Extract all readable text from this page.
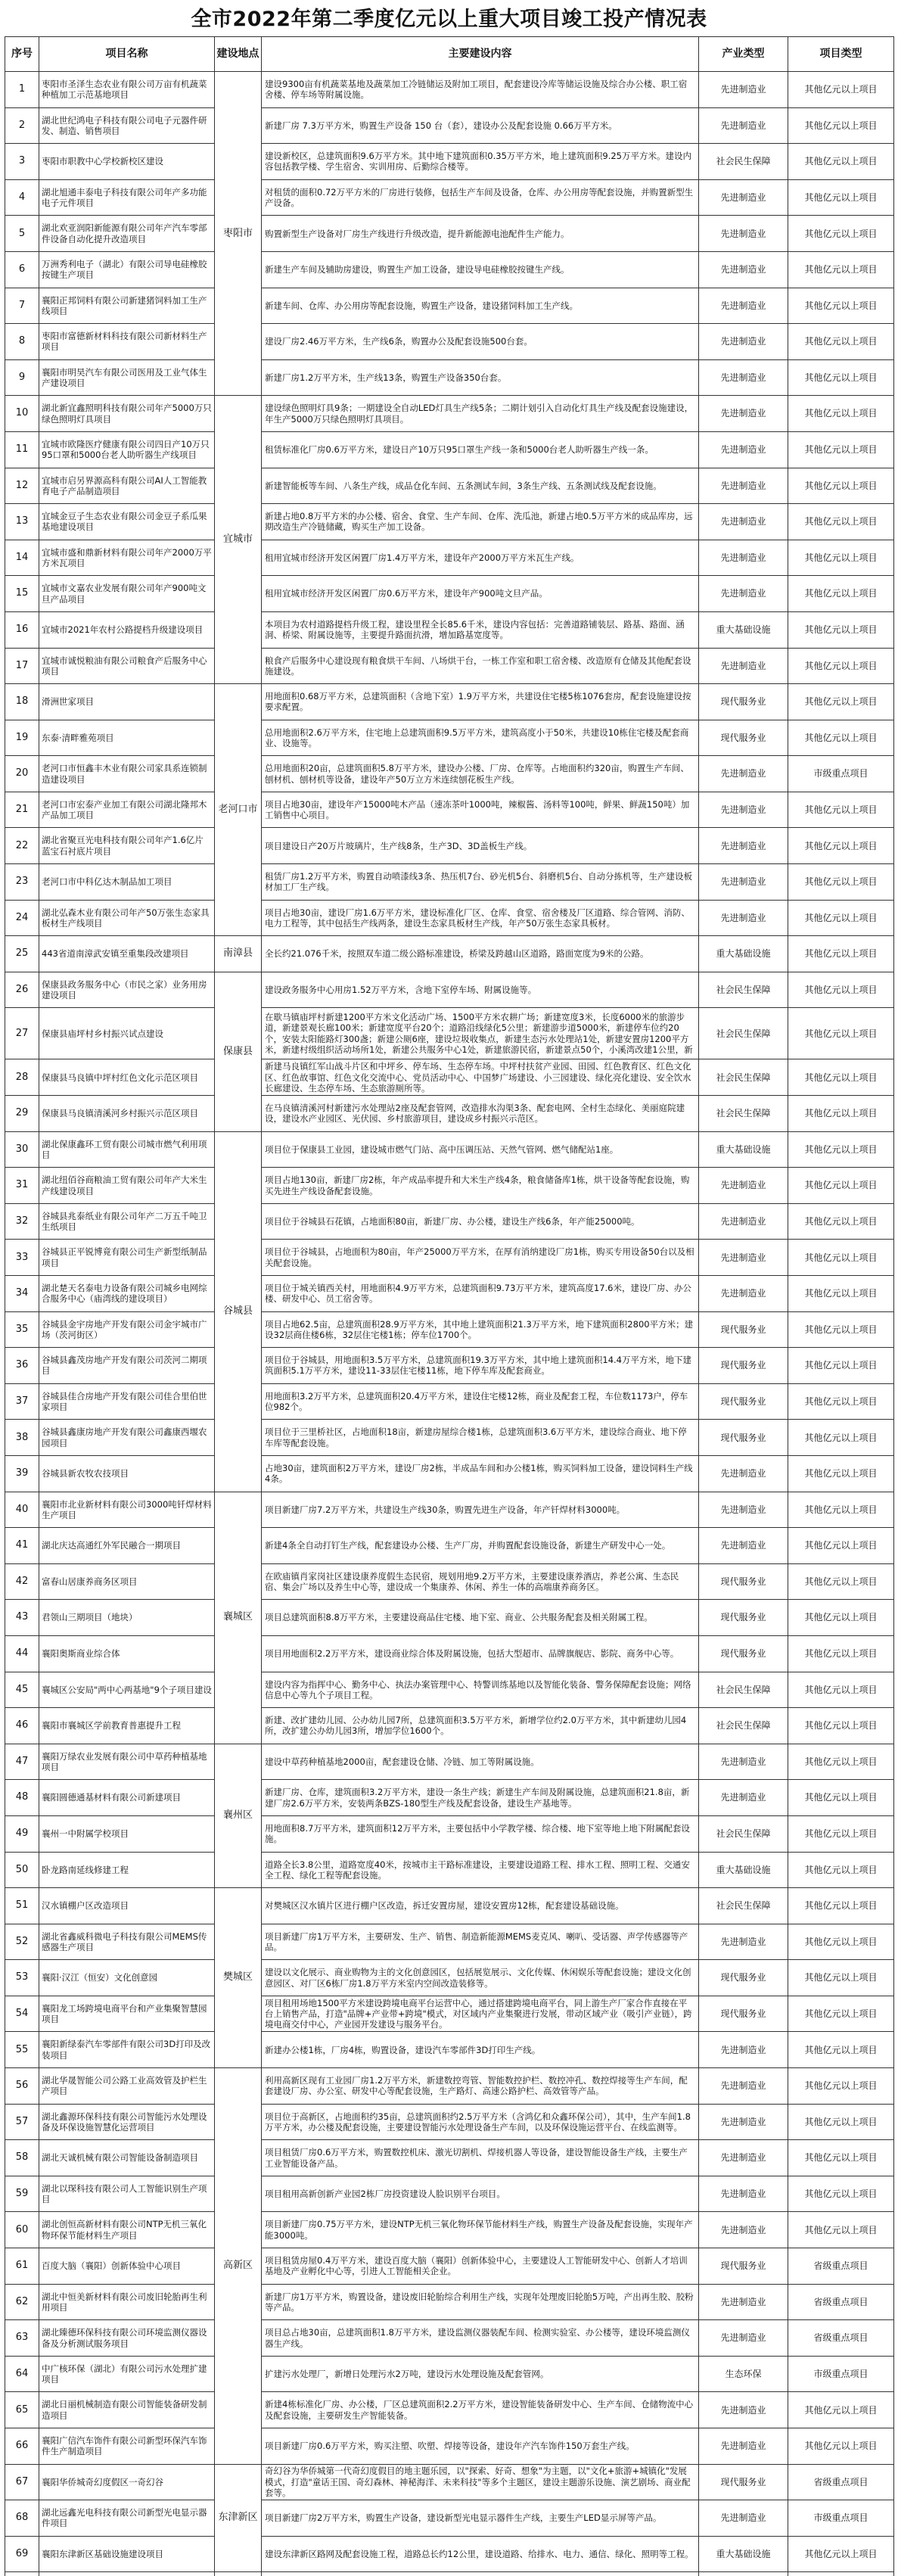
全市2022年第二季度亿元以上重大项目竣工投产情况表
序号	项目名称	建设地点	主要建设内容	产业类型	项目类型
1	枣阳市圣泽生态农业有限公司万亩有机蔬菜种植加工示范基地项目	枣阳市	建设9300亩有机蔬菜基地及蔬菜加工冷链储运及附加工项目，配套建设冷库等储运设施及综合办公楼、职工宿舍楼、停车场等附属设施。	先进制造业	其他亿元以上项目
2	湖北世纪鸿电子科技有限公司电子元器件研发、制造、销售项目		新建厂房 7.3万平方米，购置生产设备 150 台（套），建设办公及配套设施 0.66万平方米。	先进制造业	其他亿元以上项目
3	枣阳市职教中心学校新校区建设		建设新校区，总建筑面积9.6万平方米。其中地下建筑面积0.35万平方米，地上建筑面积9.25万平方米。建设内容包括教学楼、学生宿舍、实训用房、后勤综合楼等。	社会民生保障	其他亿元以上项目
4	湖北旭通丰泰电子科技有限公司年产多功能电子元件项目		对租赁的面积0.72万平方米的厂房进行装修，包括生产车间及设备，仓库、办公用房等配套设施，并购置新型生产设备。	先进制造业	其他亿元以上项目
5	湖北欢亚润阳新能源有限公司年产汽车零部件设备自动化提升改造项目		购置新型生产设备对厂房生产线进行升级改造，提升新能源电池配件生产能力。	先进制造业	其他亿元以上项目
6	万洲秀利电子（湖北）有限公司导电硅橡胶按键生产项目		新建生产车间及辅助房建设，购置生产加工设备，建设导电硅橡胶按键生产线。	先进制造业	其他亿元以上项目
7	襄阳正邦饲料有限公司新建猪饲料加工生产线项目		新建车间、仓库、办公用房等配套设施，购置生产设备，建设猪饲料加工生产线。	先进制造业	其他亿元以上项目
8	枣阳市富德新材料科技有限公司新材料生产项目		建设厂房2.46万平方米，生产线6条，购置办公及配套设施500台套。	先进制造业	其他亿元以上项目
9	襄阳市明昊汽车有限公司医用及工业气体生产建设项目		新建厂房1.2万平方米，生产线13条，购置生产设备350台套。	先进制造业	其他亿元以上项目
10	湖北新宜鑫照明科技有限公司年产5000万只绿色照明灯具项目	宜城市	建设绿色照明灯具9条；一期建设全自动LED灯具生产线5条；二期计划引入自动化灯具生产线及配套设施建设，年生产5000万只绿色照明灯具项目。	先进制造业	其他亿元以上项目
11	宜城市欧隆医疗健康有限公司四日产10万只95口罩和5000台老人助听器生产线项目		租赁标准化厂房0.6万平方米，建设日产10万只95口罩生产线一条和5000台老人助听器生产线一条。	先进制造业	其他亿元以上项目
12	宜城市启另界源高科有限公司AI人工智能教育电子产品制造项目		新建智能板等车间、八条生产线，成品仓化车间、五条测试车间，3条生产线、五条测试线及配套设施。	先进制造业	其他亿元以上项目
13	宜城金豆子生态农业有限公司金豆子系瓜果基地建设项目		新建占地0.8万平方米的办公楼、宿舍、食堂、生产车间、仓库、洗瓜池，新建占地0.5万平方米的成品库房，远期改造生产冷链储藏，购买生产加工设备。	先进制造业	其他亿元以上项目
14	宜城市盛和鼎新材料有限公司年产2000万平方米瓦项目		租用宜城市经济开发区闲置厂房1.4万平方米，建设年产2000万平方米瓦生产线。	先进制造业	其他亿元以上项目
15	宜城市文嘉农业发展有限公司年产900吨文旦产品项目		租用宜城市经济开发区闲置厂房0.6万平方米，建设年产900吨文旦产品。	先进制造业	其他亿元以上项目
16	宜城市2021年农村公路提档升级建设项目		本项目为农村道路提档升级工程，建设里程全长85.6千米，建设内容包括：完善道路铺装层、路基、路面、涵洞、桥梁、附属设施等，主要提升路面抗滑，增加路基宽度等。	重大基础设施	其他亿元以上项目
17	宜城市诚悦粮油有限公司粮食产后服务中心项目		粮食产后服务中心建设现有粮食烘干车间、八场烘干台，一栋工作室和职工宿舍楼、改造原有仓储及其他配套设施建设。	先进制造业	其他亿元以上项目
18	滑洲世家项目	老河口市	用地面积0.68万平方米，总建筑面积（含地下室）1.9万平方米，共建设住宅楼5栋1076套房，配套设施建设按要求配置。	现代服务业	其他亿元以上项目
19	东泰·清畔雅苑项目		总用地面积2.6万平方米，住宅地上总建筑面积9.5万平方米，建筑高度小于50米，共建设10栋住宅楼及配套商业、设施等。	现代服务业	其他亿元以上项目
20	老河口市恒鑫丰木业有限公司家具系连锁制造建设项目		总用地面积20亩，总建筑面积5.8万平方米，建设办公楼、厂房、仓库等。占地面积约320亩，购置生产车间、刨材机、刨材机等设备，建设年产50万立方米连续刨花板生产线。	先进制造业	市级重点项目
21	老河口市宏泰产业加工有限公司湖北隆邦木产品加工项目		项目占地30亩，建设年产15000吨木产品（速冻茶叶1000吨，辣椒酱、汤料等100吨，鲜果、鲜蔬150吨）加工销售中心项目。	先进制造业	其他亿元以上项目
22	湖北省聚亘光电科技有限公司年产1.6亿片蓝宝石衬底片项目		项目建设日产20万片玻璃片，生产线8条，生产3D、3D盖板生产线。	先进制造业	其他亿元以上项目
23	老河口市中科亿达木制品加工项目		租赁厂房1.2万平方米，购置自动喷漆线3条、热压机7台、砂光机5台、斜磨机5台、自动分拣机等，生产建设板材加工厂生产线。	先进制造业	其他亿元以上项目
24	湖北弘森木业有限公司年产50万张生态家具板材生产线项目		项目占地30亩，建设厂房1.6万平方米，建设标准化厂区、仓库、食堂、宿舍楼及厂区道路、综合管网、消防、电力工程等，其中包括生产线两条，建设生态家具板材生产线，年产50万张生态家具板材。	先进制造业	其他亿元以上项目
25	443省道南漳武安镇至重集段改建项目	南漳县	全长约21.076千米，按照双车道二级公路标准建设，桥梁及跨越山区道路，路面宽度为9米的公路。	重大基础设施	其他亿元以上项目
26	保康县政务服务中心（市民之家）业务用房建设项目	保康县	建设政务服务中心用房1.52万平方米，含地下室停车场、附属设施等。	社会民生保障	其他亿元以上项目
27	保康县庙坪村乡村振兴试点建设		在歇马镇庙坪村新建1200平方米文化活动广场、1500平方米农耕广场；新建宽度3米，长度6000米的旅游步道，新建景观长廊100米；新建宽度平台20个；道路沿线绿化5公里；新建游步道5000米，新建停车位约20个，安装太阳能路灯300盏；新建公厕6座，建设垃圾收集点，新建生态污水处理站1处，新建安置房1200平方米，新建村级组织活动场所1处，新建公共服务中心1处，新建旅游民宿，新建景点50个，小溪湾改建1公里，新	社会民生保障	其他亿元以上项目
28	保康县马良镇中坪村红色文化示范区项目		新建马良镇红军山战斗片区和中坪乡、停车场、生态停车场。中坪村扶贫产业园、田园、红色教育区、红色文化区、红色故事馆、红色文化交流中心、党员活动中心、中国梦广场建设、小三园建设、绿化亮化建设、安全饮水长廊建设、生态停车场、生态旅游厕所等。	社会民生保障	其他亿元以上项目
29	保康县马良镇清溪河乡村振兴示范区项目		在马良镇清溪河村新建污水处理站2座及配套管网，改造排水沟渠3条、配套电网、全村生态绿化、美丽庭院建设，建设水产业园区、光伏园、乡村旅游项目，建设成乡村振兴示范区。	社会民生保障	其他亿元以上项目
30	湖北保康鑫环工贸有限公司城市燃气利用项目	谷城县	项目位于保康县工业园，建设城市燃气门站、高中压调压站、天然气管网、燃气储配站1座。	重大基础设施	其他亿元以上项目
31	湖北纽佰谷商粮油工贸有限公司年产大米生产线建设项目		项目占地130亩，新建厂房2栋，年产成品率提升和大米生产线4条，粮食储备库1栋，烘干设备等配套设施，购买先进生产线设备配套设施。	先进制造业	其他亿元以上项目
32	谷城县兆泰纸业有限公司年产二万五千吨卫生纸项目		项目位于谷城县石花镇，占地面积80亩，新建厂房、办公楼，建设生产线6条，年产能25000吨。	先进制造业	其他亿元以上项目
33	谷城县正平锐博竟有限公司生产新型纸制品项目		项目位于谷城县，占地面积为80亩，年产25000万平方米，在厚有消纳建设厂房1栋，购买专用设备50台以及相关配套设施。	先进制造业	其他亿元以上项目
34	湖北楚天名泰电力设备有限公司城乡电网综合服务中心（庙湾线的建设项目）		项目位于城关镇西关村，用地面积4.9万平方米，总建筑面积9.73万平方米，建筑高度17.6米，建设厂房、办公楼、研发中心、员工宿舍等。	先进制造业	其他亿元以上项目
35	谷城县金宇房地产开发有限公司金宇城市广场（茨河街区）		项目占地62.5亩，总建筑面积28.9万平方米，其中地上建筑面积21.3万平方米，地下建筑面积2800平方米；建设32层商住楼6栋，32层住宅楼1栋；停车位1700个。	现代服务业	其他亿元以上项目
36	谷城县鑫茂房地产开发有限公司茨河二期项目		项目位于谷城县，用地面积3.5万平方米，总建筑面积19.3万平方米，其中地上建筑面积14.4万平方米，地下建筑面积5.1万平方米，建设11-33层住宅楼11栋，地下停车库及配套商业。	现代服务业	其他亿元以上项目
37	谷城县佳合房地产开发有限公司佳合里伯世家项目		用地面积3.2万平方米，总建筑面积20.4万平方米，建设住宅楼12栋，商业及配套工程，车位数1173户，停车位982个。	现代服务业	其他亿元以上项目
38	谷城县鑫康房地产开发有限公司鑫康西堰农园项目		项目位于三里桥社区，占地面积18亩，新建房屋综合楼1栋，总建筑面积3.6万平方米，建设综合商业、地下停车库等配套设施。	现代服务业	其他亿元以上项目
39	谷城县新农牧农技项目		占地30亩，建筑面积2万平方米，建设厂房2栋，半成品车间和办公楼1栋，购买饲料加工设备，建设饲料生产线4条。	先进制造业	其他亿元以上项目
40	襄阳市北业新材料有限公司3000吨钎焊材料生产项目	襄城区	项目新建厂房7.2万平方米，共建设生产线30条，购置先进生产设备，年产钎焊材料3000吨。	先进制造业	其他亿元以上项目
41	湖北庆达高通红外军民融合一期项目		新建4条全自动打钉生产线，配套建设办公楼、生产厂房，并购置配套设施设备，新建生产研发中心一处。	先进制造业	其他亿元以上项目
42	富春山居康养商务区项目		在欧庙镇肖家岗社区建设康养度假生态民宿，规划用地9.2万平方米，主要建设康养酒店，养老公寓、生态民宿、集会广场以及养生中心等，建设成一个集康养、休闲、养生一体的高端康养商务区。	现代服务业	其他亿元以上项目
43	君领山三期项目（地块）		项目总建筑面积8.8万平方米，主要建设商品住宅楼、地下室、商业、公共服务配套及相关附属工程。	现代服务业	其他亿元以上项目
44	襄阳奥斯商业综合体		项目用地面积2.2万平方米，建设商业综合体及附属设施，包括大型超市、品牌旗舰店、影院、商务中心等。	现代服务业	其他亿元以上项目
45	襄城区公安局"两中心两基地"9个子项目建设		建设内容为指挥中心、勤务中心、执法办案管理中心、特警训练基地以及智能化装备、警务保障配套设施；网络信息中心等九个子项目工程。	社会民生保障	其他亿元以上项目
46	襄阳市襄城区学前教育普惠提升工程		新建、改扩建幼儿园、公办幼儿园7所，总建筑面积3.5万平方米，新增学位约2.0万平方米，其中新建幼儿园4所，改扩建公办幼儿园3所，增加学位1600个。	社会民生保障	其他亿元以上项目
47	襄阳万绿农业发展有限公司中草药种植基地项目	襄州区	建设中草药种植基地2000亩，配套建设仓储、冷链、加工等附属设施。	先进制造业	其他亿元以上项目
48	襄阳圆德通基材料有限公司新建项目		新建厂房、仓库，建筑面积3.2万平方米，建设一条生产线；新建生产车间及附属设施，总建筑面积21.8亩，新建厂房2.6万平方米，安装两条BZS-180型生产线及配套设备，建设生产基地等。	先进制造业	其他亿元以上项目
49	襄州一中附属学校项目		用地面积8.7万平方米，建筑面积12万平方米，主要包括中小学教学楼、综合楼、地下室等地上地下附属配套设施。	社会民生保障	其他亿元以上项目
50	卧龙路南延线修建工程		道路全长3.8公里，道路宽度40米，按城市主干路标准建设，主要建设道路工程、排水工程、照明工程、交通安全工程、绿化工程等配套设施。	重大基础设施	其他亿元以上项目
51	汉水镇棚户区改造项目	樊城区	对樊城区汉水镇片区进行棚户区改造，拆迁安置房屋，建设安置房12栋，配套建设基础设施。	社会民生保障	其他亿元以上项目
52	湖北省鑫威科微电子科技有限公司MEMS传感器生产项目		项目新建厂房1万平方米，主要研发、生产、销售、制造新能源MEMS麦克风、喇叭、受话器、声学传感器等产品。	先进制造业	其他亿元以上项目
53	襄阳·汉江（恒安）文化创意园		建设以文化展示、商业购物为主的文化创意园区，包括展览展示、文化传媒、休闲娱乐等配套设施；建设文化创意园区、对厂区6栋厂房1.8万平方米室内空间改造装修等。	现代服务业	其他亿元以上项目
54	襄阳龙工场跨境电商平台和产业集聚智慧园项目		项目租用场地1500平方米建设跨境电商平台运营中心，通过搭建跨境电商平台，同上游生产厂家合作直接在平台上销售产品，打造"品牌+产业带+跨境"模式，对区域内产业集聚进行发展，带动区域产业（吸引产业链），跨境电商交付中心，产业园开发建设与服务平台。	现代服务业	其他亿元以上项目
55	襄阳新绿泰汽车零部件有限公司3D打印及改装项目		新建办公楼1栋，厂房4栋，购置设备，建设汽车零部件3D打印生产线。	先进制造业	其他亿元以上项目
56	湖北华晟智能公司公路工业高效管及护栏生产项目	高新区	利用高新区现有工业园厂房1.2万平方米，新建数控弯管、智能数控护栏、数控冲孔、数控焊接等生产车间，配套建设厂房、办公室、研发中心等配套设施，生产路灯、高速公路护栏、高效管等产品。	先进制造业	其他亿元以上项目
57	湖北鑫源环保科技有限公司智能污水处理设备及环保设施智慧化运营项目		项目位于高新区，占地面积约35亩，总建筑面积约2.5万平方米（含鸿亿和众鑫环保公司），其中，生产车间1.8万平方米，办公楼及配套设施，主要建设智能污水处理设备生产车间，以及环保设施运营平台、在线监测等。	先进制造业	其他亿元以上项目
58	湖北天诚机械有限公司智能设备制造项目		项目租赁厂房0.6万平方米，购置数控机床、激光切割机、焊接机器人等设备，建设智能设备生产线，主要生产工业智能设备产品。	先进制造业	其他亿元以上项目
59	湖北以琛科技有限公司人工智能识别生产项目		项目租用高新创新产业园2栋厂房投资建设人脸识别平台项目。	先进制造业	其他亿元以上项目
60	湖北创恒高新材料有限公司NTP无机三氧化物环保节能材料生产项目		项目新建厂房0.75万平方米，建设NTP无机三氧化物环保节能材料生产线，购置生产设备及配套设施，实现年产能3000吨。	先进制造业	其他亿元以上项目
61	百度大脑（襄阳）创新体验中心项目		项目租赁房屋0.4万平方米，建设百度大脑（襄阳）创新体验中心，主要建设人工智能研发中心、创新人才培训基地及产业孵化中心等，引进人工智能相关企业。	现代服务业	省级重点项目
62	湖北中恒美新材料有限公司废旧轮胎再生利用项目		新建厂房1万平方米，购置设备，建设废旧轮胎综合利用生产线，实现年处理废旧轮胎5万吨，产出再生胶、胶粉等产品。	先进制造业	省级重点项目
63	湖北臻德环保科技有限公司环境监测仪器设备及分析测试服务项目		项目总占地30亩，总建筑面积1.8万平方米，建设监测仪器装配车间、检测实验室、办公楼等，建设环境监测仪器生产线。	先进制造业	省级重点项目
64	中广核环保（湖北）有限公司污水处理扩建项目		扩建污水处理厂，新增日处理污水2万吨，建设污水处理设施及配套管网。	生态环保	市级重点项目
65	湖北日丽机械制造有限公司智能装备研发制造项目		新建4栋标准化厂房、办公楼，厂区总建筑面积2.2万平方米，建设智能装备研发中心、生产车间、仓储物流中心及配套设施，主要研发生产智能装备。	先进制造业	其他亿元以上项目
66	襄阳广信汽车饰件有限公司新型环保汽车饰件生产制造项目		项目新建厂房0.6万平方米，购买注塑、吹塑、焊接等设备，建设年产汽车饰件150万套生产线。	先进制造业	其他亿元以上项目
67	襄阳华侨城奇幻度假区一奇幻谷	东津新区	奇幻谷为华侨城第一代奇幻度假目的地主题乐园，以"探索、好奇、想象"为主题，以"文化+旅游+城镇化"发展模式，打造"童话王国、奇幻森林、神秘海洋、未来科技"等多个主题区，建设主题游乐设施、演艺剧场、商业配套等。	现代服务业	省级重点项目
68	湖北远鑫光电科技有限公司新型光电显示器件项目		项目新建厂房2万平方米，购置生产设备，建设新型光电显示器件生产线，主要生产LED显示屏等产品。	先进制造业	市级重点项目
69	襄阳东津新区基础设施建设项目		建设东津新区路网及配套设施工程，道路总长约12公里，建设道路、给排水、电力、通信、绿化、照明等工程。	重大基础设施	其他亿元以上项目
